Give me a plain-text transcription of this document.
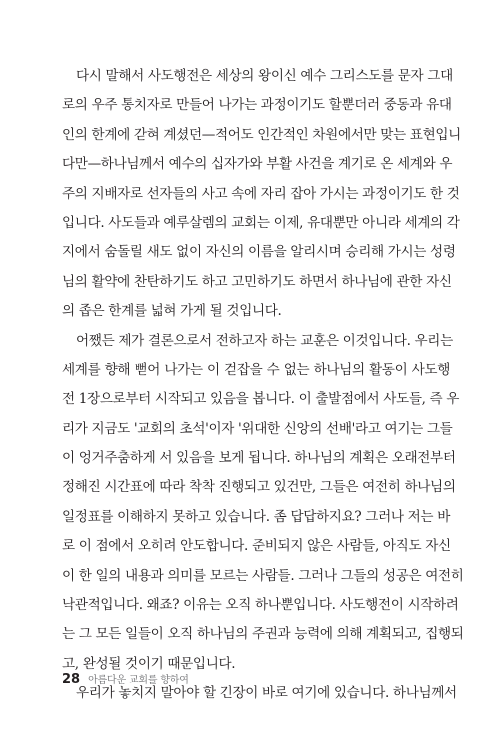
다시 말해서 사도행전은 세상의 왕이신 예수 그리스도를 문자 그대
로의 우주 통치자로 만들어 나가는 과정이기도 할뿐더러 중동과 유대
인의 한계에 갇혀 계셨던—적어도 인간적인 차원에서만 맞는 표현입니
다만—하나님께서 예수의 십자가와 부활 사건을 계기로 온 세계와 우
주의 지배자로 선자들의 사고 속에 자리 잡아 가시는 과정이기도 한 것
입니다. 사도들과 예루살렘의 교회는 이제, 유대뿐만 아니라 세계의 각
지에서 숨돌릴 새도 없이 자신의 이름을 알리시며 승리해 가시는 성령
님의 활약에 찬탄하기도 하고 고민하기도 하면서 하나님에 관한 자신
의 좁은 한계를 넓혀 가게 될 것입니다.
어쨌든 제가 결론으로서 전하고자 하는 교훈은 이것입니다. 우리는
세계를 향해 뻗어 나가는 이 걷잡을 수 없는 하나님의 활동이 사도행
전 1장으로부터 시작되고 있음을 봅니다. 이 출발점에서 사도들, 즉 우
리가 지금도 '교회의 초석'이자 '위대한 신앙의 선배'라고 여기는 그들
이 엉거주춤하게 서 있음을 보게 됩니다. 하나님의 계획은 오래전부터
정해진 시간표에 따라 착착 진행되고 있건만, 그들은 여전히 하나님의
일정표를 이해하지 못하고 있습니다. 좀 답답하지요? 그러나 저는 바
로 이 점에서 오히려 안도합니다. 준비되지 않은 사람들, 아직도 자신
이 한 일의 내용과 의미를 모르는 사람들. 그러나 그들의 성공은 여전히
낙관적입니다. 왜죠? 이유는 오직 하나뿐입니다. 사도행전이 시작하려
는 그 모든 일들이 오직 하나님의 주권과 능력에 의해 계획되고, 집행되
고, 완성될 것이기 때문입니다.
우리가 놓치지 말아야 할 긴장이 바로 여기에 있습니다. 하나님께서
28 아름다운 교회를 향하여
